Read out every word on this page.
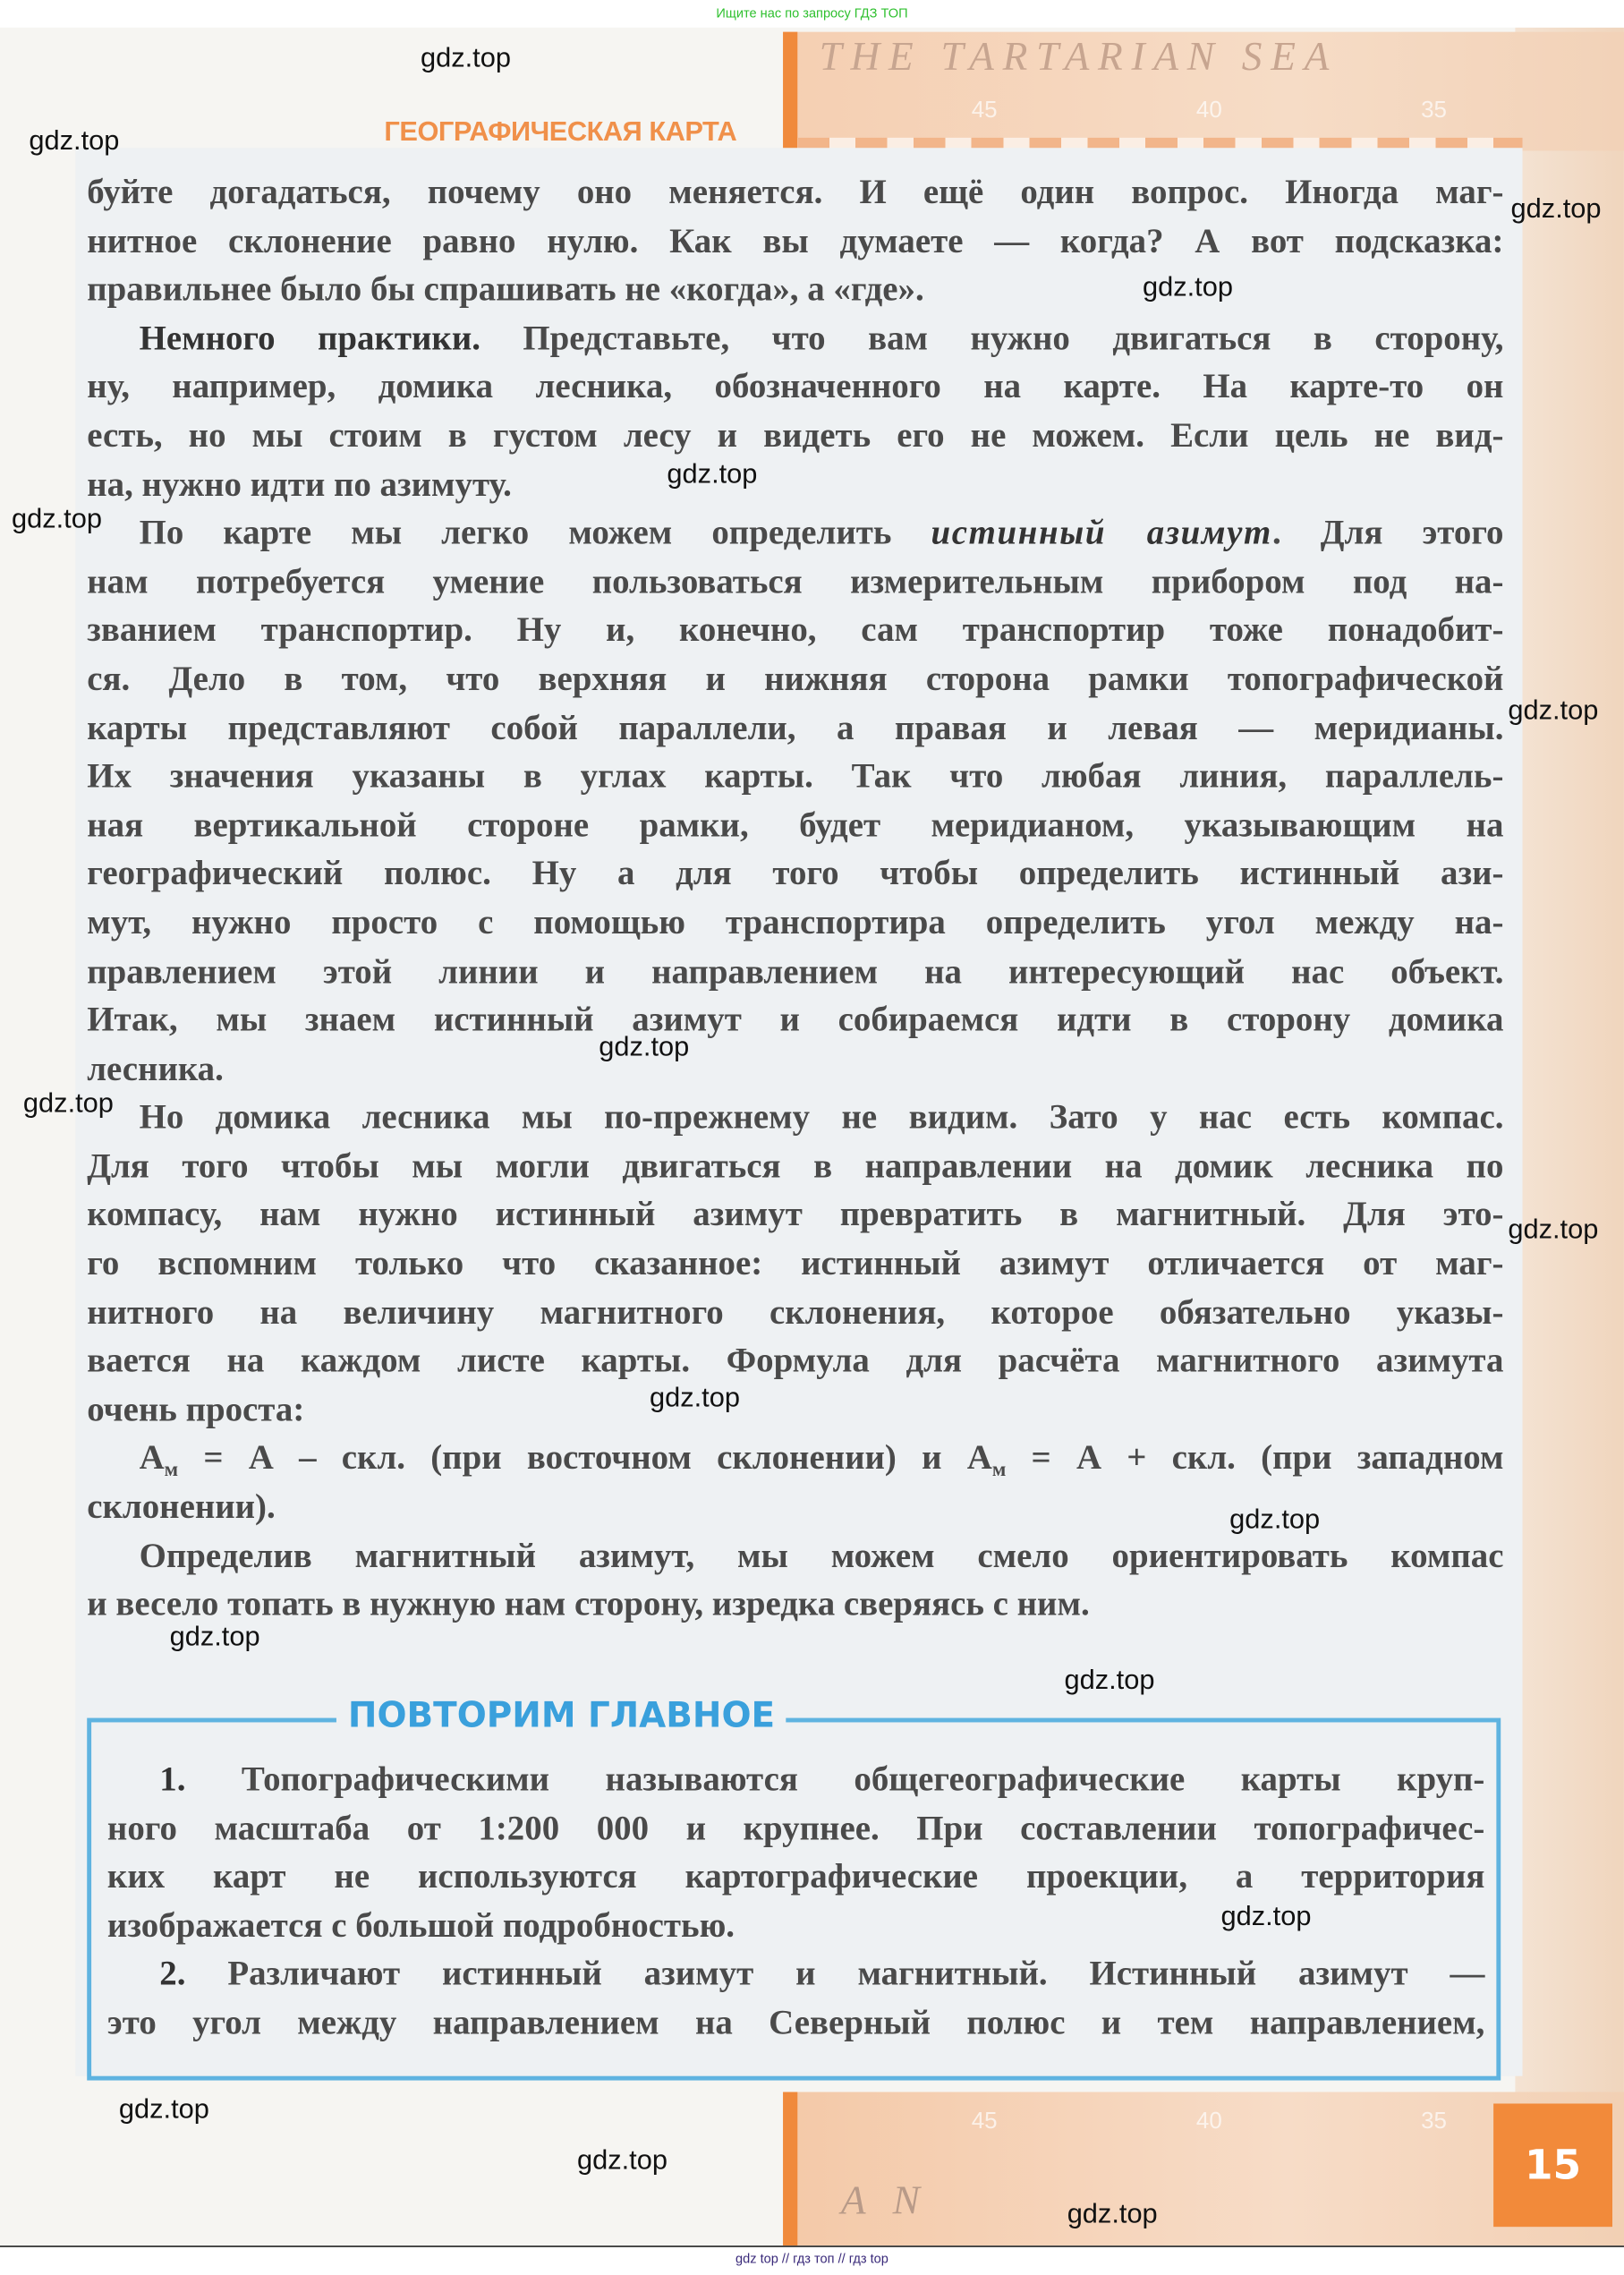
Ищите нас по запросу ГДЗ ТОП
THE TARTARIAN SEA
45	40	35
ГЕОГРАФИЧЕСКАЯ КАРТА
буйте догадаться, почему оно меняется. И ещё один вопрос. Иногда маг-
нитное склонение равно нулю. Как вы думаете — когда? А вот подсказка:
правильнее было бы спрашивать не «когда», а «где».
Немного практики. Представьте, что вам нужно двигаться в сторону,
ну, например, домика лесника, обозначенного на карте. На карте-то он
есть, но мы стоим в густом лесу и видеть его не можем. Если цель не вид-
на, нужно идти по азимуту.
По карте мы легко можем определить истинный азимут. Для этого
нам потребуется умение пользоваться измерительным прибором под на-
званием транспортир. Ну и, конечно, сам транспортир тоже понадобит-
ся. Дело в том, что верхняя и нижняя сторона рамки топографической
карты представляют собой параллели, а правая и левая — меридианы.
Их значения указаны в углах карты. Так что любая линия, параллель-
ная вертикальной стороне рамки, будет меридианом, указывающим на
географический полюс. Ну а для того чтобы определить истинный ази-
мут, нужно просто с помощью транспортира определить угол между на-
правлением этой линии и направлением на интересующий нас объект.
Итак, мы знаем истинный азимут и собираемся идти в сторону домика
лесника.
Но домика лесника мы по-прежнему не видим. Зато у нас есть компас.
Для того чтобы мы могли двигаться в направлении на домик лесника по
компасу, нам нужно истинный азимут превратить в магнитный. Для это-
го вспомним только что сказанное: истинный азимут отличается от маг-
нитного на величину магнитного склонения, которое обязательно указы-
вается на каждом листе карты. Формула для расчёта магнитного азимута
очень проста:
$А_м = А$ – скл. (при восточном склонении) и $А_м = А$ + скл. (при западном
склонении).
Определив магнитный азимут, мы можем смело ориентировать компас
и весело топать в нужную нам сторону, изредка сверяясь с ним.
ПОВТОРИМ ГЛАВНОЕ
1. Топографическими называются общегеографические карты круп-
ного масштаба от 1:200 000 и крупнее. При составлении топографичес-
ких карт не используются картографические проекции, а территория
изображается с большой подробностью.
2. Различают истинный азимут и магнитный. Истинный азимут —
это угол между направлением на Северный полюс и тем направлением,
45	40	35
A N
15
gdz top // гдз топ // гдз top
gdz.top
gdz.top
gdz.top
gdz.top
gdz.top
gdz.top
gdz.top
gdz.top
gdz.top
gdz.top
gdz.top
gdz.top
gdz.top
gdz.top
gdz.top
gdz.top
gdz.top
gdz.top
